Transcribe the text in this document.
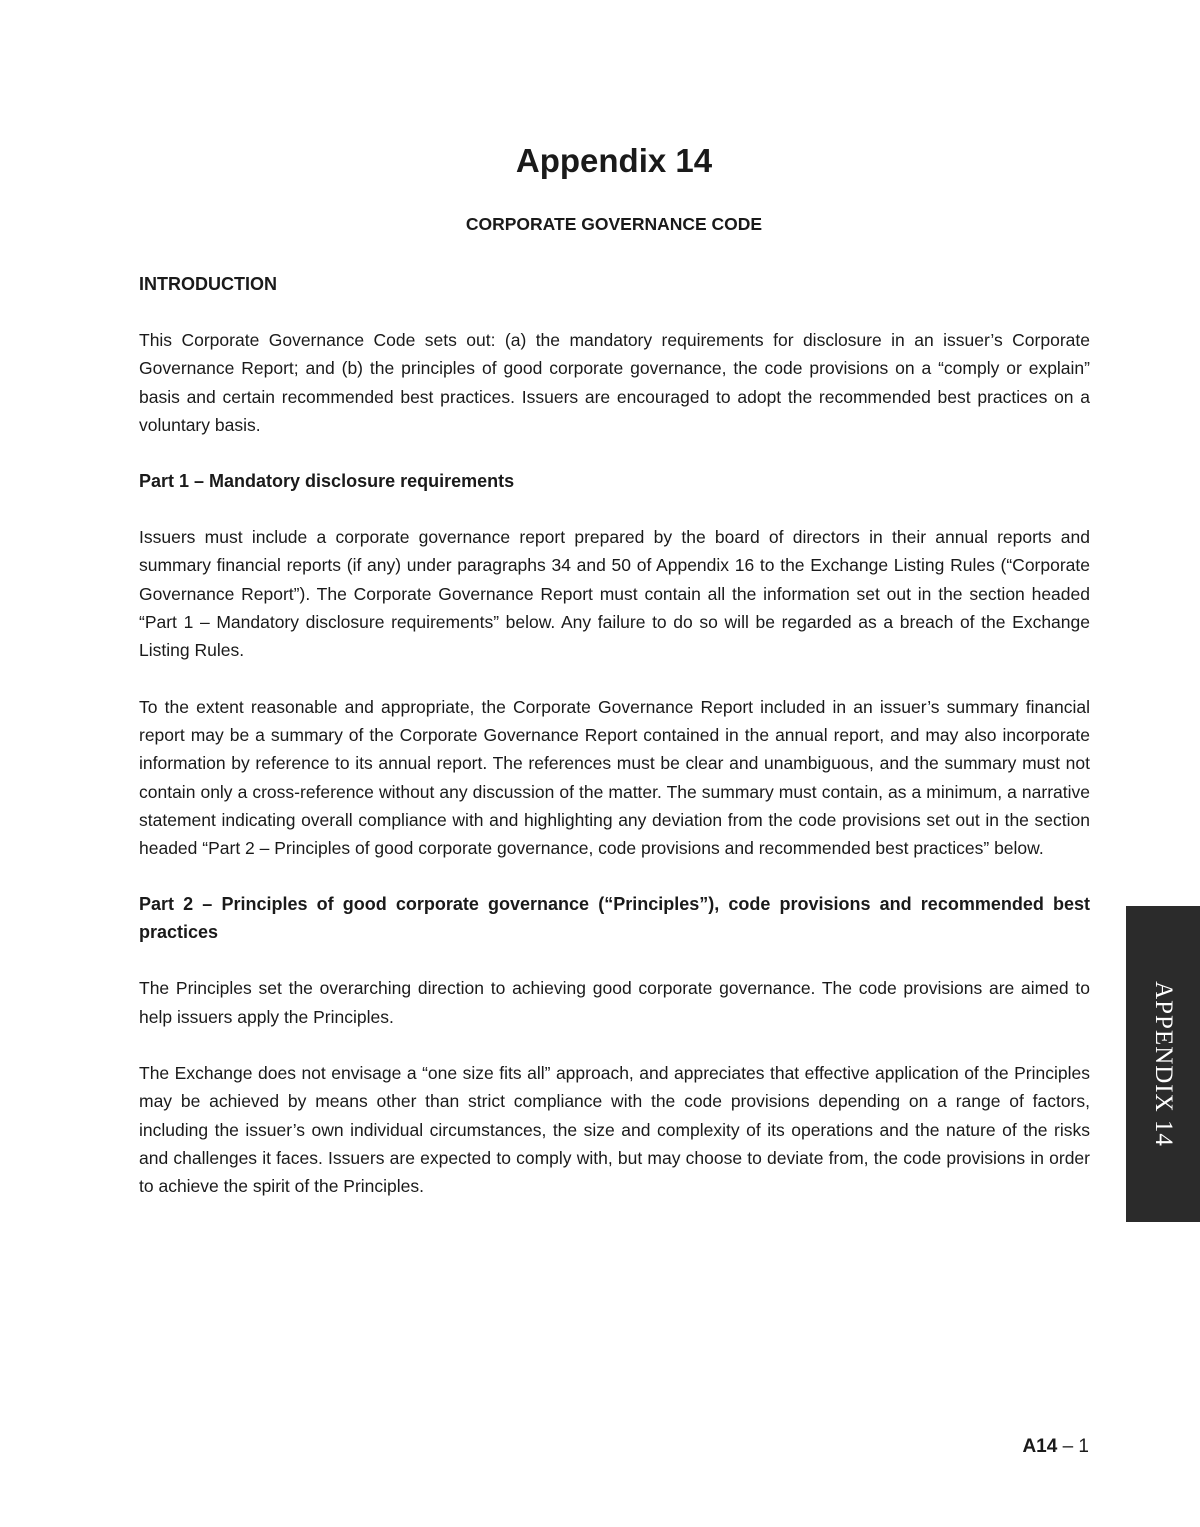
Appendix 14
CORPORATE GOVERNANCE CODE
INTRODUCTION

This Corporate Governance Code sets out: (a) the mandatory requirements for disclosure in an issuer’s Corporate Governance Report; and (b) the principles of good corporate governance, the code provisions on a “comply or explain” basis and certain recommended best practices. Issuers are encouraged to adopt the recommended best practices on a voluntary basis.

Part 1 – Mandatory disclosure requirements

Issuers must include a corporate governance report prepared by the board of directors in their annual reports and summary financial reports (if any) under paragraphs 34 and 50 of Appendix 16 to the Exchange Listing Rules (“Corporate Governance Report”). The Corporate Governance Report must contain all the information set out in the section headed “Part 1 – Mandatory disclosure requirements” below. Any failure to do so will be regarded as a breach of the Exchange Listing Rules.

To the extent reasonable and appropriate, the Corporate Governance Report included in an issuer’s summary financial report may be a summary of the Corporate Governance Report contained in the annual report, and may also incorporate information by reference to its annual report. The references must be clear and unambiguous, and the summary must not contain only a cross-reference without any discussion of the matter. The summary must contain, as a minimum, a narrative statement indicating overall compliance with and highlighting any deviation from the code provisions set out in the section headed “Part 2 – Principles of good corporate governance, code provisions and recommended best practices” below.

Part 2 – Principles of good corporate governance (“Principles”), code provisions and recommended best practices

The Principles set the overarching direction to achieving good corporate governance. The code provisions are aimed to help issuers apply the Principles.

The Exchange does not envisage a “one size fits all” approach, and appreciates that effective application of the Principles may be achieved by means other than strict compliance with the code provisions depending on a range of factors, including the issuer’s own individual circumstances, the size and complexity of its operations and the nature of the risks and challenges it faces. Issuers are expected to comply with, but may choose to deviate from, the code provisions in order to achieve the spirit of the Principles.

APPENDIX 14
A14 – 1
